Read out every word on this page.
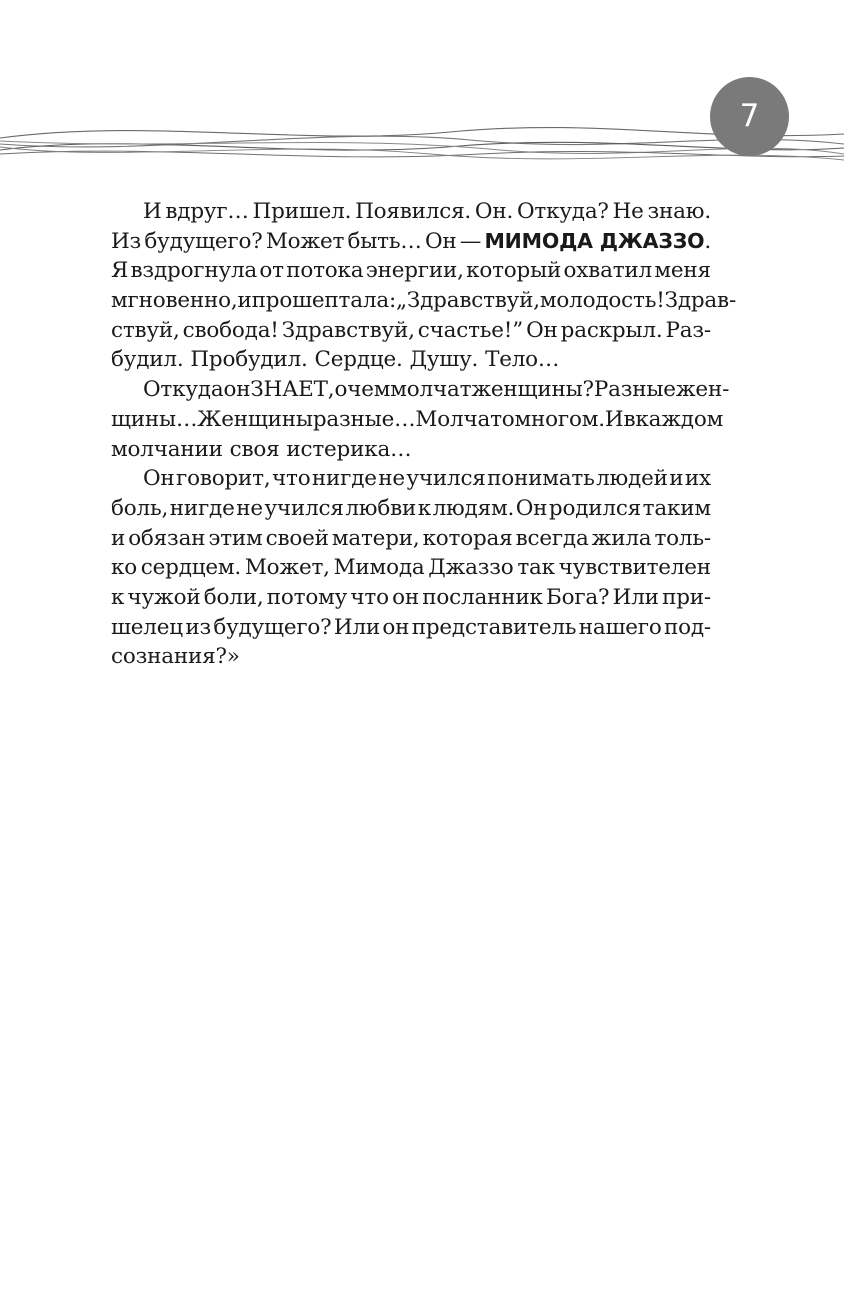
7
И вдруг… Пришел. Появился. Он. Откуда? Не знаю.
Из будущего? Может быть… Он — МИМОДА ДЖАЗЗО.
Я вздрогнула от потока энергии, который охватил меня
мгновенно, и прошептала: „Здравствуй, молодость! Здрав-
ствуй, свобода! Здравствуй, счастье!” Он раскрыл. Раз-
будил. Пробудил. Сердце. Душу. Тело…
Откуда он ЗНАЕТ, о чем молчат женщины? Разные жен-
щины… Женщины разные… Молчат о многом. И в каждом
молчании своя истерика…
Он говорит, что нигде не учился понимать людей и их
боль, нигде не учился любви к людям. Он родился таким
и обязан этим своей матери, которая всегда жила толь-
ко сердцем. Может, Мимода Джаззо так чувствителен
к чужой боли, потому что он посланник Бога? Или при-
шелец из будущего? Или он представитель нашего под-
сознания?»
